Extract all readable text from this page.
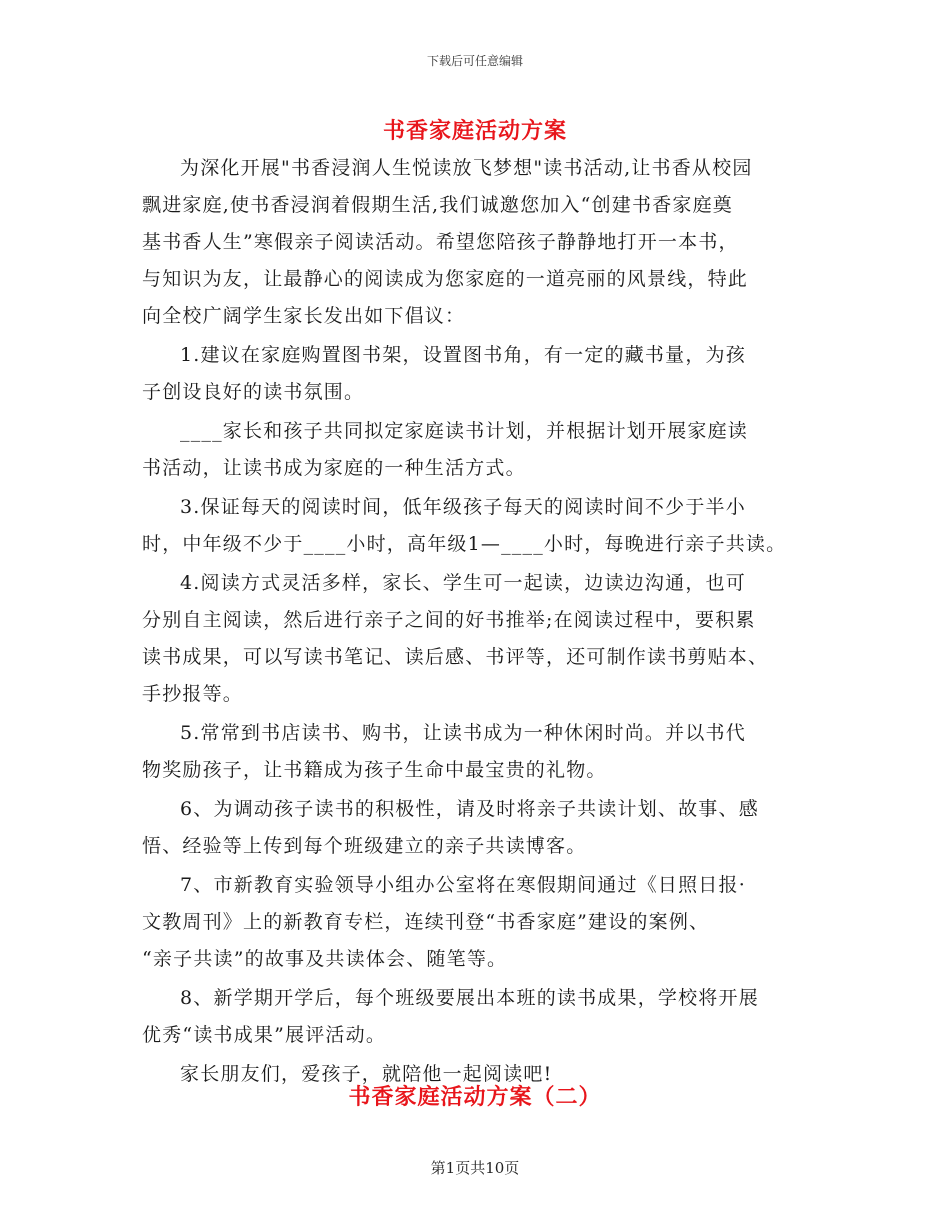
下载后可任意编辑
书香家庭活动方案

为深化开展"书香浸润人生悦读放飞梦想"读书活动,让书香从校园
飘进家庭,使书香浸润着假期生活,我们诚邀您加入“创建书香家庭奠
基书香人生”寒假亲子阅读活动。希望您陪孩子静静地打开一本书，
与知识为友，让最静心的阅读成为您家庭的一道亮丽的风景线，特此
向全校广阔学生家长发出如下倡议：

1.建议在家庭购置图书架，设置图书角，有一定的藏书量，为孩
子创设良好的读书氛围。

____家长和孩子共同拟定家庭读书计划，并根据计划开展家庭读
书活动，让读书成为家庭的一种生活方式。

3.保证每天的阅读时间，低年级孩子每天的阅读时间不少于半小
时，中年级不少于____小时，高年级1—____小时，每晚进行亲子共读。

4.阅读方式灵活多样，家长、学生可一起读，边读边沟通，也可
分别自主阅读，然后进行亲子之间的好书推举;在阅读过程中，要积累
读书成果，可以写读书笔记、读后感、书评等，还可制作读书剪贴本、
手抄报等。

5.常常到书店读书、购书，让读书成为一种休闲时尚。并以书代
物奖励孩子，让书籍成为孩子生命中最宝贵的礼物。

6、为调动孩子读书的积极性，请及时将亲子共读计划、故事、感
悟、经验等上传到每个班级建立的亲子共读博客。

7、市新教育实验领导小组办公室将在寒假期间通过《日照日报·
文教周刊》上的新教育专栏，连续刊登“书香家庭”建设的案例、
“亲子共读”的故事及共读体会、随笔等。

8、新学期开学后，每个班级要展出本班的读书成果，学校将开展
优秀“读书成果”展评活动。

家长朋友们，爱孩子，就陪他一起阅读吧!

书香家庭活动方案（二）
第1页共10页
